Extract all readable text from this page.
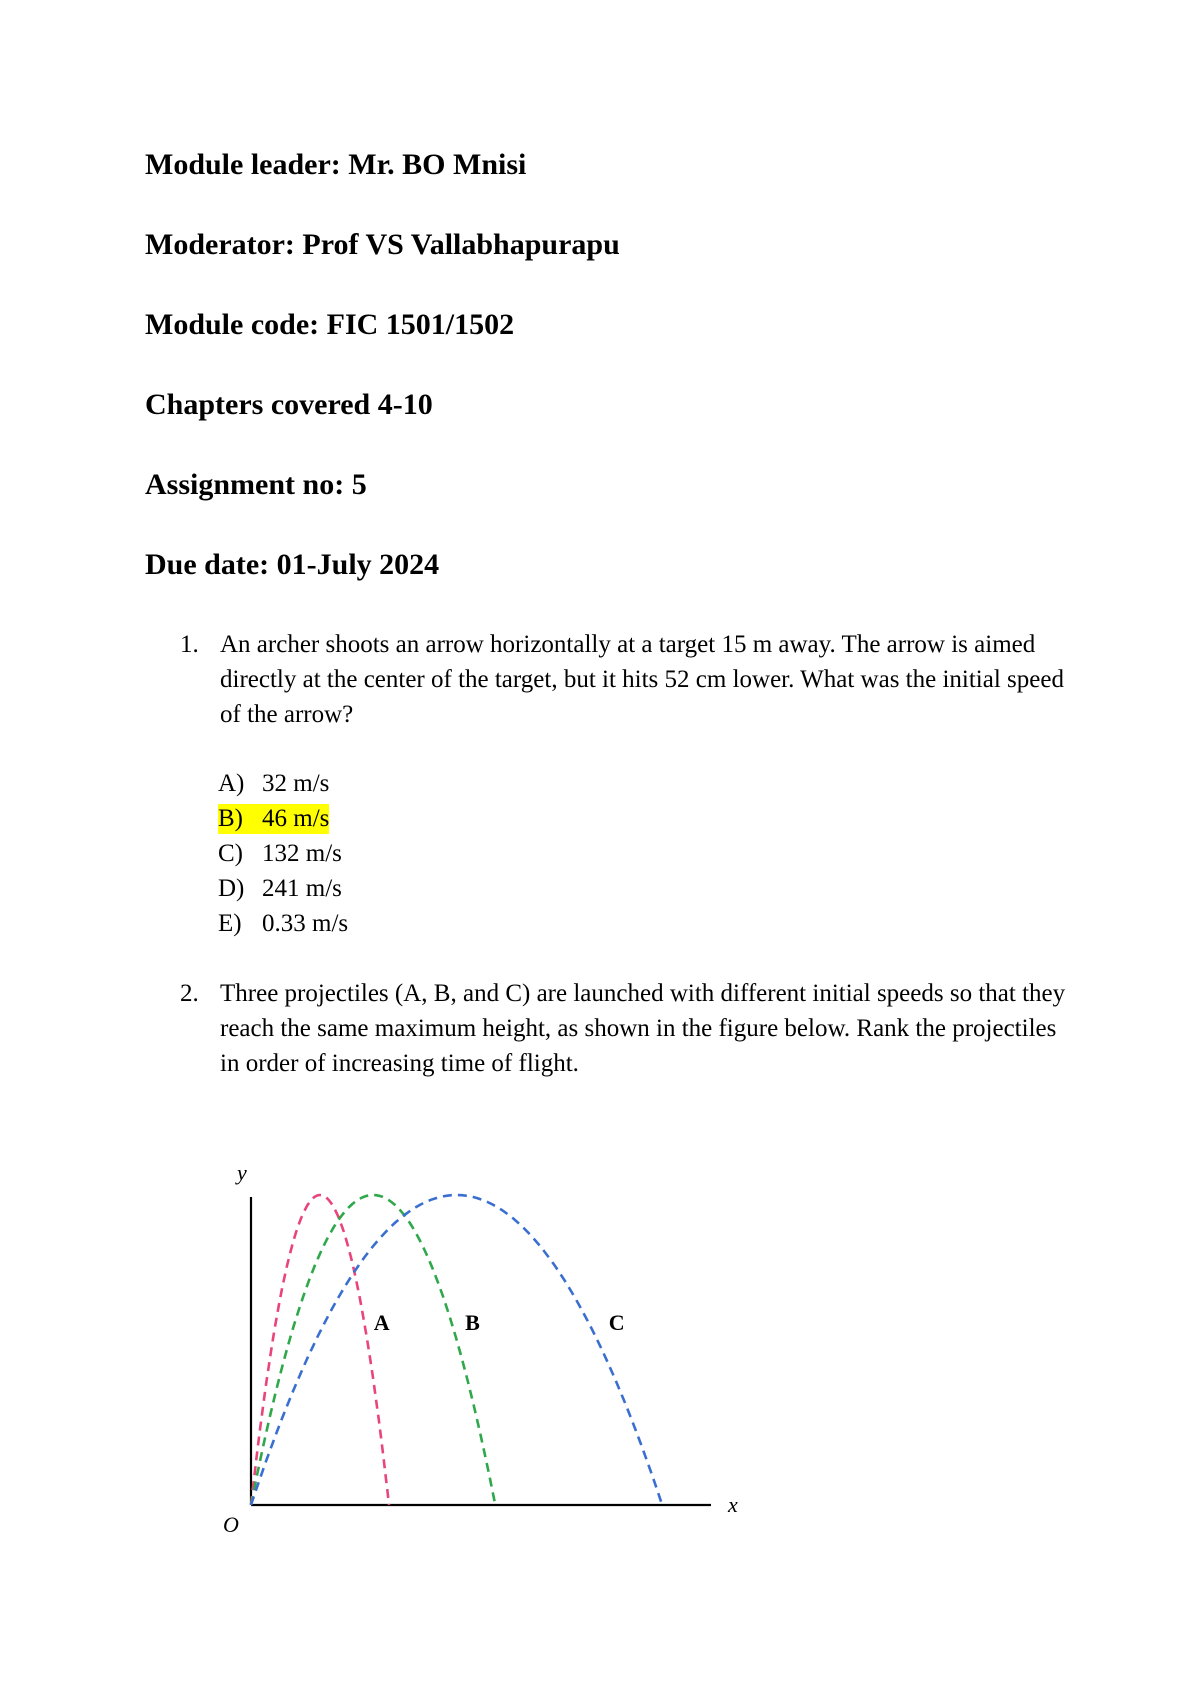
Module leader: Mr. BO Mnisi

Moderator: Prof VS Vallabhapurapu

Module code: FIC 1501/1502

Chapters covered 4-10

Assignment no: 5

Due date: 01-July 2024

1. An archer shoots an arrow horizontally at a target 15 m away. The arrow is aimed directly at the center of the target, but it hits 52 cm lower. What was the initial speed of the arrow?
A) 32 m/s
B) 46 m/s
C) 132 m/s
D) 241 m/s
E) 0.33 m/s
2. Three projectiles (A, B, and C) are launched with different initial speeds so that they reach the same maximum height, as shown in the figure below. Rank the projectiles in order of increasing time of flight.
y
x
O
A	B	C
